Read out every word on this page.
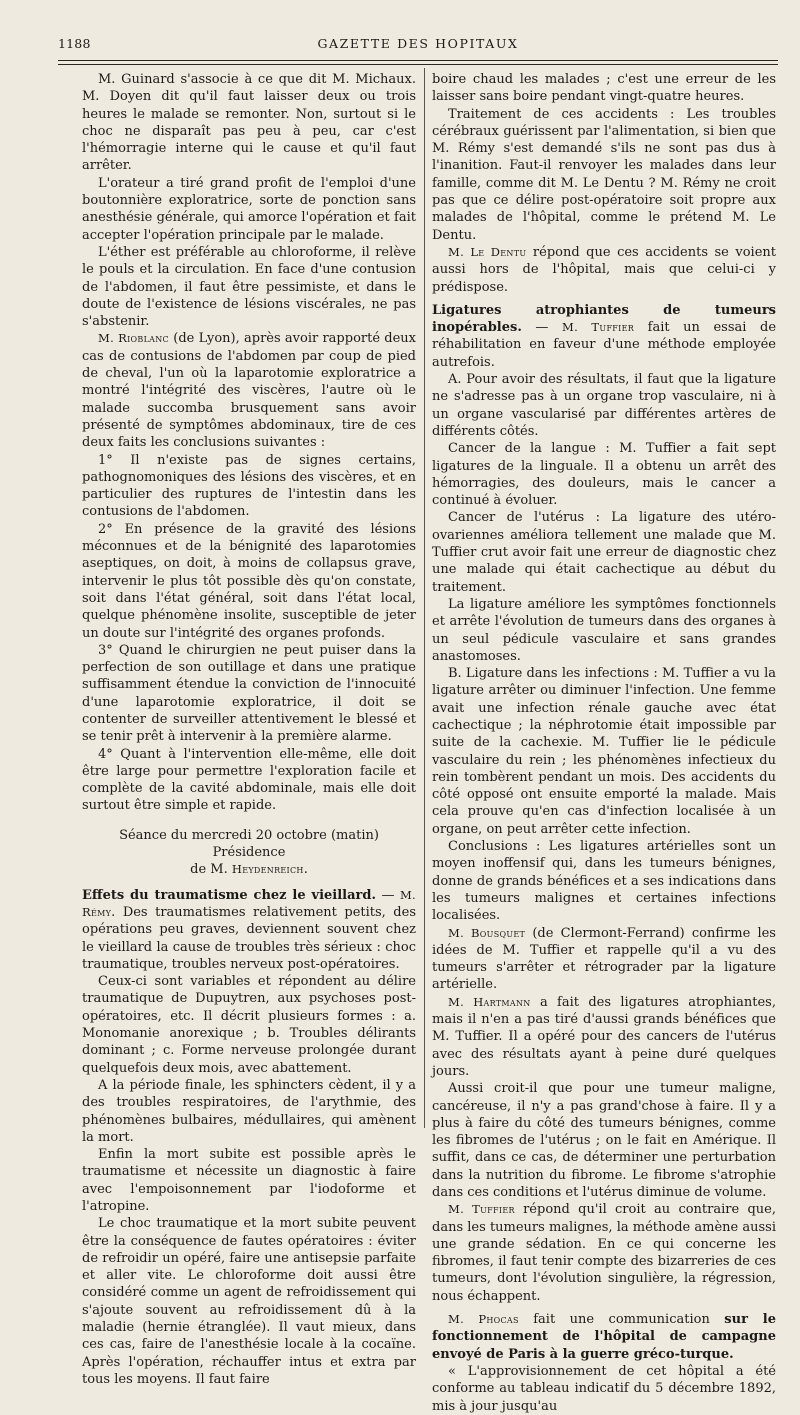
1188	GAZETTE DES HOPITAUX

M. Guinard s'associe à ce que dit M. Michaux. M. Doyen dit qu'il faut laisser deux ou trois heures le malade se remonter. Non, surtout si le choc ne disparaît pas peu à peu, car c'est l'hémorragie interne qui le cause et qu'il faut arrêter.

L'orateur a tiré grand profit de l'emploi d'une boutonnière exploratrice, sorte de ponction sans anesthésie générale, qui amorce l'opération et fait accepter l'opération principale par le malade.

L'éther est préférable au chloroforme, il relève le pouls et la circulation. En face d'une contusion de l'abdomen, il faut être pessimiste, et dans le doute de l'existence de lésions viscérales, ne pas s'abstenir.

M. Rioblanc (de Lyon), après avoir rapporté deux cas de contusions de l'abdomen par coup de pied de cheval, l'un où la laparotomie exploratrice a montré l'intégrité des viscères, l'autre où le malade succomba brusquement sans avoir présenté de symptômes abdominaux, tire de ces deux faits les conclusions suivantes :

1° Il n'existe pas de signes certains, pathognomoniques des lésions des viscères, et en particulier des ruptures de l'intestin dans les contusions de l'abdomen.

2° En présence de la gravité des lésions méconnues et de la bénignité des laparotomies aseptiques, on doit, à moins de collapsus grave, intervenir le plus tôt possible dès qu'on constate, soit dans l'état général, soit dans l'état local, quelque phénomène insolite, susceptible de jeter un doute sur l'intégrité des organes profonds.

3° Quand le chirurgien ne peut puiser dans la perfection de son outillage et dans une pratique suffisamment étendue la conviction de l'innocuité d'une laparotomie exploratrice, il doit se contenter de surveiller attentivement le blessé et se tenir prêt à intervenir à la première alarme.

4° Quant à l'intervention elle-même, elle doit être large pour permettre l'exploration facile et complète de la cavité abdominale, mais elle doit surtout être simple et rapide.

Séance du mercredi 20 octobre (matin) Présidence
de M. Heydenreich.

Effets du traumatisme chez le vieillard. — M. Rémy. Des traumatismes relativement petits, des opérations peu graves, deviennent souvent chez le vieillard la cause de troubles très sérieux : choc traumatique, troubles nerveux post-opératoires.

Ceux-ci sont variables et répondent au délire traumatique de Dupuytren, aux psychoses post-opératoires, etc. Il décrit plusieurs formes : a. Monomanie anorexique ; b. Troubles délirants dominant ; c. Forme nerveuse prolongée durant quelquefois deux mois, avec abattement.

A la période finale, les sphincters cèdent, il y a des troubles respiratoires, de l'arythmie, des phénomènes bulbaires, médullaires, qui amènent la mort.

Enfin la mort subite est possible après le traumatisme et nécessite un diagnostic à faire avec l'empoisonnement par l'iodoforme et l'atropine.

Le choc traumatique et la mort subite peuvent être la conséquence de fautes opératoires : éviter de refroidir un opéré, faire une antisepsie parfaite et aller vite. Le chloroforme doit aussi être considéré comme un agent de refroidissement qui s'ajoute souvent au refroidissement dû à la maladie (hernie étranglée). Il vaut mieux, dans ces cas, faire de l'anesthésie locale à la cocaïne. Après l'opération, réchauffer intus et extra par tous les moyens. Il faut faire

boire chaud les malades ; c'est une erreur de les laisser sans boire pendant vingt-quatre heures.

Traitement de ces accidents : Les troubles cérébraux guérissent par l'alimentation, si bien que M. Rémy s'est demandé s'ils ne sont pas dus à l'inanition. Faut-il renvoyer les malades dans leur famille, comme dit M. Le Dentu ? M. Rémy ne croit pas que ce délire post-opératoire soit propre aux malades de l'hôpital, comme le prétend M. Le Dentu.

M. Le Dentu répond que ces accidents se voient aussi hors de l'hôpital, mais que celui-ci y prédispose.

Ligatures atrophiantes de tumeurs inopérables. — M. Tuffier fait un essai de réhabilitation en faveur d'une méthode employée autrefois.

A. Pour avoir des résultats, il faut que la ligature ne s'adresse pas à un organe trop vasculaire, ni à un organe vascularisé par différentes artères de différents côtés.

Cancer de la langue : M. Tuffier a fait sept ligatures de la linguale. Il a obtenu un arrêt des hémorragies, des douleurs, mais le cancer a continué à évoluer.

Cancer de l'utérus : La ligature des utéro-ovariennes améliora tellement une malade que M. Tuffier crut avoir fait une erreur de diagnostic chez une malade qui était cachectique au début du traitement.

La ligature améliore les symptômes fonctionnels et arrête l'évolution de tumeurs dans des organes à un seul pédicule vasculaire et sans grandes anastomoses.

B. Ligature dans les infections : M. Tuffier a vu la ligature arrêter ou diminuer l'infection. Une femme avait une infection rénale gauche avec état cachectique ; la néphrotomie était impossible par suite de la cachexie. M. Tuffier lie le pédicule vasculaire du rein ; les phénomènes infectieux du rein tombèrent pendant un mois. Des accidents du côté opposé ont ensuite emporté la malade. Mais cela prouve qu'en cas d'infection localisée à un organe, on peut arrêter cette infection.

Conclusions : Les ligatures artérielles sont un moyen inoffensif qui, dans les tumeurs bénignes, donne de grands bénéfices et a ses indications dans les tumeurs malignes et certaines infections localisées.

M. Bousquet (de Clermont-Ferrand) confirme les idées de M. Tuffier et rappelle qu'il a vu des tumeurs s'arrêter et rétrograder par la ligature artérielle.

M. Hartmann a fait des ligatures atrophiantes, mais il n'en a pas tiré d'aussi grands bénéfices que M. Tuffier. Il a opéré pour des cancers de l'utérus avec des résultats ayant à peine duré quelques jours.

Aussi croit-il que pour une tumeur maligne, cancéreuse, il n'y a pas grand'chose à faire. Il y a plus à faire du côté des tumeurs bénignes, comme les fibromes de l'utérus ; on le fait en Amérique. Il suffit, dans ce cas, de déterminer une perturbation dans la nutrition du fibrome. Le fibrome s'atrophie dans ces conditions et l'utérus diminue de volume.

M. Tuffier répond qu'il croit au contraire que, dans les tumeurs malignes, la méthode amène aussi une grande sédation. En ce qui concerne les fibromes, il faut tenir compte des bizarreries de ces tumeurs, dont l'évolution singulière, la régression, nous échappent.

M. Phocas fait une communication sur le fonctionnement de l'hôpital de campagne envoyé de Paris à la guerre gréco-turque.

« L'approvisionnement de cet hôpital a été conforme au tableau indicatif du 5 décembre 1892, mis à jour jusqu'au
